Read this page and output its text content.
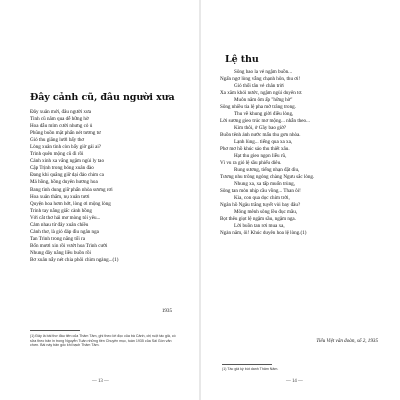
Đây cảnh cũ, đâu người xưa
Đây xuân mới, đâu người xưa
Tình cũ năm qua dễ hững hờ
Hoa dẫu mỉm cười nhưng cỏ ủ
Phũng buồn mặt phấn nét tương tư
Gió thu giăng lưới bấy thơ
Lòng xuân tình còn bấy giờ gái ai?
Trình quên mộng cũ đi rồi
Cánh xinh xa vắng ngậm ngùi ly tao
Cặp Trịnh trong bóng xuân đào
Đang khi quằng giữ dại đảo chim ca
Má hồng, hồng duyên hương hoa
Bang tình dung giữ phấn nhòa sương rơi
Hoa xuân thắm, nụ xuân tươi
Quyện hoa hơm hớt, lòng ơi mộng lòng
Trinh tay nắng giấc cành hồng
Với cắt thơ hái mơ mòng tói yêu...
Cảm nhau từ đây xuân chiều
Cảnh thơ, là gió đáp đìu ngân nga
Tan Trình trong nắng tối ra
Bốn mươi xin rồi vướt hoa Trình cười
Nhung đây nắng liều buồn rồi
Bơ xuân nẫy nét chia phôi chìm ngàng...(1)
1935
(1) Đây là bài thơ đầu tiên của Thâm Tâm, ghi theo lời đọc của bà Cảnh, chị ruột tác giả, có sửa theo bản in trong Nguyễn Tuân những tiền Chuyên mục, tuần 1935 của Sài Gòn văn chơn. Bài này bản gốc khi bạch Thâm Tâm.
— 13 —
Lệ thu
Sông bao la vẻ ngậm buồn...
Ngấn ngơ lòng vẫng chạnh hôn, thu ơi!
Gió thổi tân vẻ chân trời
Xa xăm khói nước, ngậm ngùi duyên tơ.
Muôn năm ôm ấp "hững hờ"
Sông nhiều tia lệ pha mờ trăng trong.
Thu về khung giời điều lòng,
Lời sương gieo trúc mơ mộng... nhẫn theo...
Kìm thôi, ở Gầy bao giờ?
Buồn tênh ánh nước mấu thu gơn nhòa.
Lạnh lùng... tiếng qua xa xa,
Phơ mơ hồ khúc sáo thu thiết xâu.
Hạt thu gieo ngọn liễu rũ,
Vì vu ra gió lệ sầu phiếu diêu.
Rung sương, tiếng nhạn đặt dìu,
Tương nhu trông ngóng chàng Ngưu sắc lòng.
Nhung xa, xa tấp muốn trùng,
Sông tan mòn nhịp cầu vồng... Than ôi!
Kìa, con qua dọc chim trời,
Ngân hồ Ngâu trắng tuyết vòi bay đâu?
Mông mênh sông lều đục mầu,
Bọt thêu giọt lệ ngậm sầu, ngậm nga.
Lời buồn tan rơi mua xa,
Ngàn năm, ôi! Khúc duyên hoa lệ lòng.(1)
Tiểu Việt văn đoàn, số 2, 1935
(1) Tác giả ký bút danh Thâm Nâm.
— 14 —
